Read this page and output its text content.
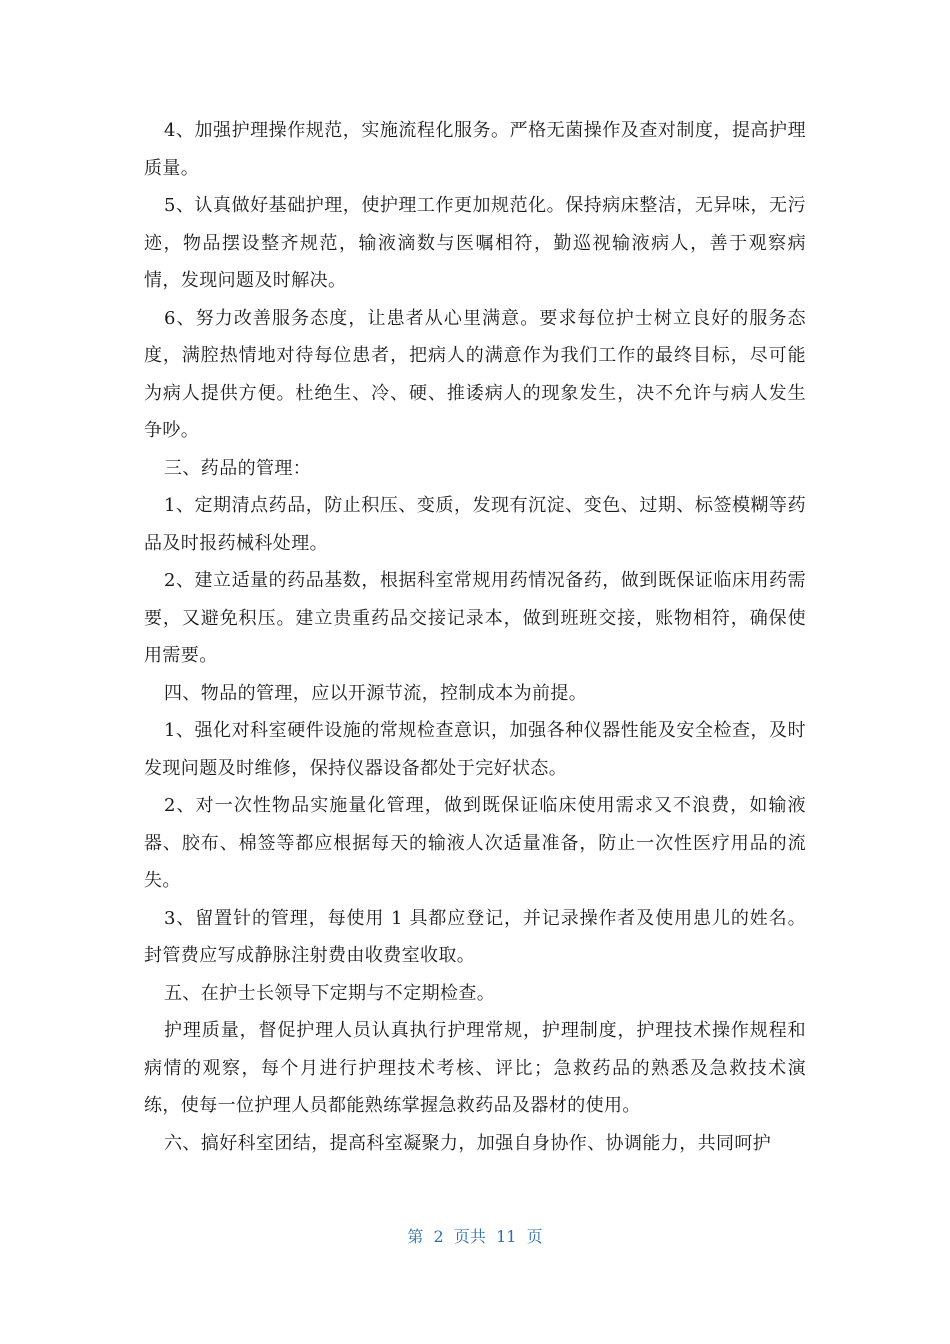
4、加强护理操作规范，实施流程化服务。严格无菌操作及查对制度，提高护理质量。

5、认真做好基础护理，使护理工作更加规范化。保持病床整洁，无异味，无污迹，物品摆设整齐规范，输液滴数与医嘱相符，勤巡视输液病人，善于观察病情，发现问题及时解决。

6、努力改善服务态度，让患者从心里满意。要求每位护士树立良好的服务态度，满腔热情地对待每位患者，把病人的满意作为我们工作的最终目标，尽可能为病人提供方便。杜绝生、冷、硬、推诿病人的现象发生，决不允许与病人发生争吵。

三、药品的管理：

1、定期清点药品，防止积压、变质，发现有沉淀、变色、过期、标签模糊等药品及时报药械科处理。

2、建立适量的药品基数，根据科室常规用药情况备药，做到既保证临床用药需要，又避免积压。建立贵重药品交接记录本，做到班班交接，账物相符，确保使用需要。

四、物品的管理，应以开源节流，控制成本为前提。

1、强化对科室硬件设施的常规检查意识，加强各种仪器性能及安全检查，及时发现问题及时维修，保持仪器设备都处于完好状态。

2、对一次性物品实施量化管理，做到既保证临床使用需求又不浪费，如输液器、胶布、棉签等都应根据每天的输液人次适量准备，防止一次性医疗用品的流失。

3、留置针的管理，每使用 1 具都应登记，并记录操作者及使用患儿的姓名。封管费应写成静脉注射费由收费室收取。

五、在护士长领导下定期与不定期检查。

护理质量，督促护理人员认真执行护理常规，护理制度，护理技术操作规程和病情的观察，每个月进行护理技术考核、评比；急救药品的熟悉及急救技术演练，使每一位护理人员都能熟练掌握急救药品及器材的使用。

六、搞好科室团结，提高科室凝聚力，加强自身协作、协调能力，共同呵护

第  2  页共  11  页
